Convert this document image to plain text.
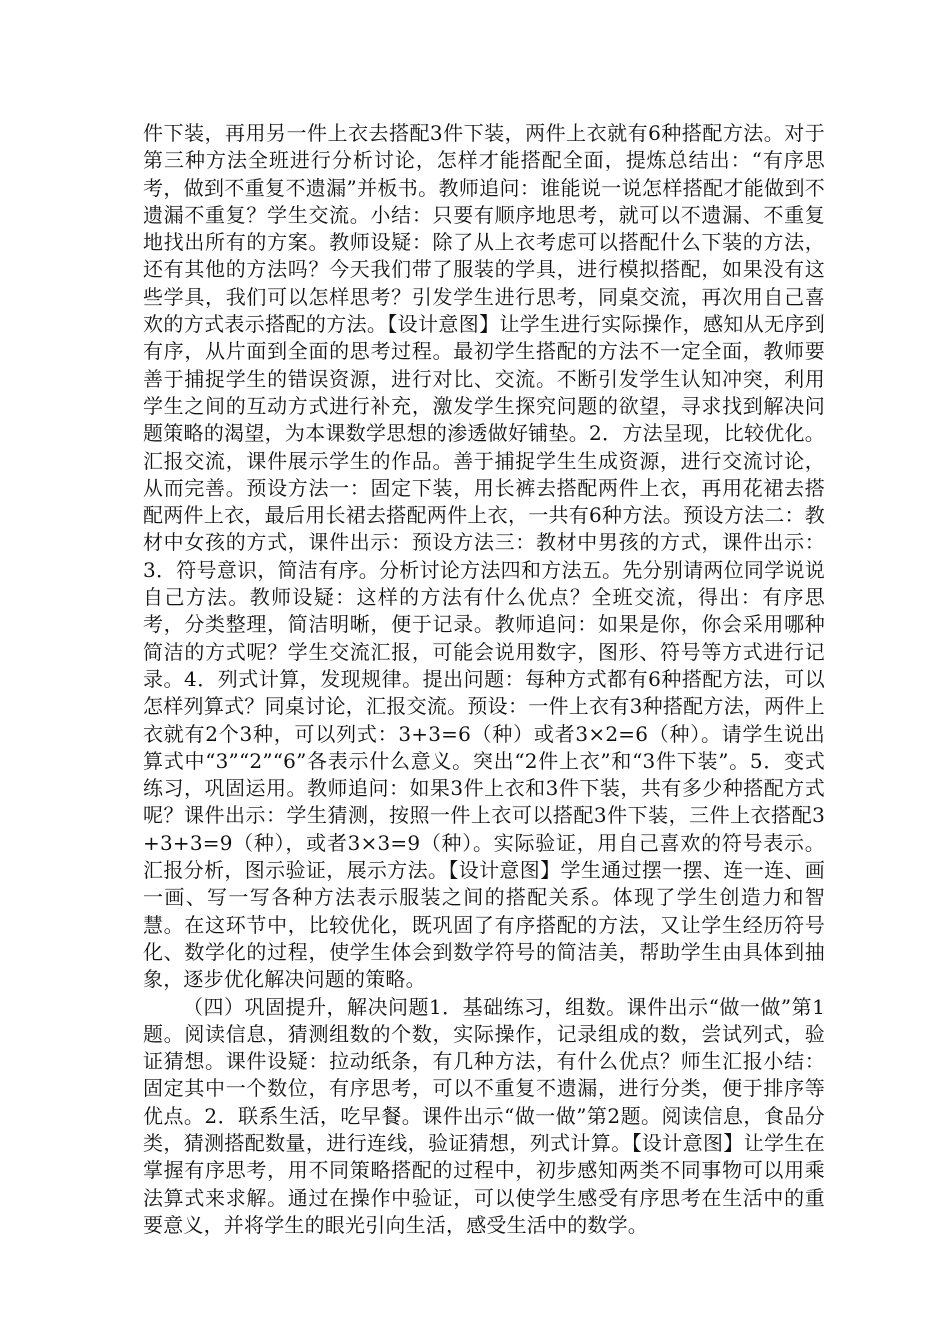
件下装，再用另一件上衣去搭配3件下装，两件上衣就有6种搭配方法。对于第三种方法全班进行分析讨论，怎样才能搭配全面，提炼总结出：“有序思考，做到不重复不遗漏”并板书。教师追问：谁能说一说怎样搭配才能做到不遗漏不重复？学生交流。小结：只要有顺序地思考，就可以不遗漏、不重复地找出所有的方案。教师设疑：除了从上衣考虑可以搭配什么下装的方法，还有其他的方法吗？今天我们带了服装的学具，进行模拟搭配，如果没有这些学具，我们可以怎样思考？引发学生进行思考，同桌交流，再次用自己喜欢的方式表示搭配的方法。【设计意图】让学生进行实际操作，感知从无序到有序，从片面到全面的思考过程。最初学生搭配的方法不一定全面，教师要善于捕捉学生的错误资源，进行对比、交流。不断引发学生认知冲突，利用学生之间的互动方式进行补充，激发学生探究问题的欲望，寻求找到解决问题策略的渴望，为本课数学思想的渗透做好铺垫。2．方法呈现，比较优化。汇报交流，课件展示学生的作品。善于捕捉学生生成资源，进行交流讨论，从而完善。预设方法一：固定下装，用长裤去搭配两件上衣，再用花裙去搭配两件上衣，最后用长裙去搭配两件上衣，一共有6种方法。预设方法二：教材中女孩的方式，课件出示：预设方法三：教材中男孩的方式，课件出示：3．符号意识，简洁有序。分析讨论方法四和方法五。先分别请两位同学说说自己方法。教师设疑：这样的方法有什么优点？全班交流，得出：有序思考，分类整理，简洁明晰，便于记录。教师追问：如果是你，你会采用哪种简洁的方式呢？学生交流汇报，可能会说用数字，图形、符号等方式进行记录。4．列式计算，发现规律。提出问题：每种方式都有6种搭配方法，可以怎样列算式？同桌讨论，汇报交流。预设：一件上衣有3种搭配方法，两件上衣就有2个3种，可以列式：3+3=6（种）或者3×2=6（种）。请学生说出算式中“3”“2”“6”各表示什么意义。突出“2件上衣”和“3件下装”。5．变式练习，巩固运用。教师追问：如果3件上衣和3件下装，共有多少种搭配方式呢？课件出示：学生猜测，按照一件上衣可以搭配3件下装，三件上衣搭配3+3+3=9（种），或者3×3=9（种）。实际验证，用自己喜欢的符号表示。汇报分析，图示验证，展示方法。【设计意图】学生通过摆一摆、连一连、画一画、写一写各种方法表示服装之间的搭配关系。体现了学生创造力和智慧。在这环节中，比较优化，既巩固了有序搭配的方法，又让学生经历符号化、数学化的过程，使学生体会到数学符号的简洁美，帮助学生由具体到抽象，逐步优化解决问题的策略。

（四）巩固提升，解决问题1．基础练习，组数。课件出示“做一做”第1题。阅读信息，猜测组数的个数，实际操作，记录组成的数，尝试列式，验证猜想。课件设疑：拉动纸条，有几种方法，有什么优点？师生汇报小结：固定其中一个数位，有序思考，可以不重复不遗漏，进行分类，便于排序等优点。2．联系生活，吃早餐。课件出示“做一做”第2题。阅读信息，食品分类，猜测搭配数量，进行连线，验证猜想，列式计算。【设计意图】让学生在掌握有序思考，用不同策略搭配的过程中，初步感知两类不同事物可以用乘法算式来求解。通过在操作中验证，可以使学生感受有序思考在生活中的重要意义，并将学生的眼光引向生活，感受生活中的数学。
